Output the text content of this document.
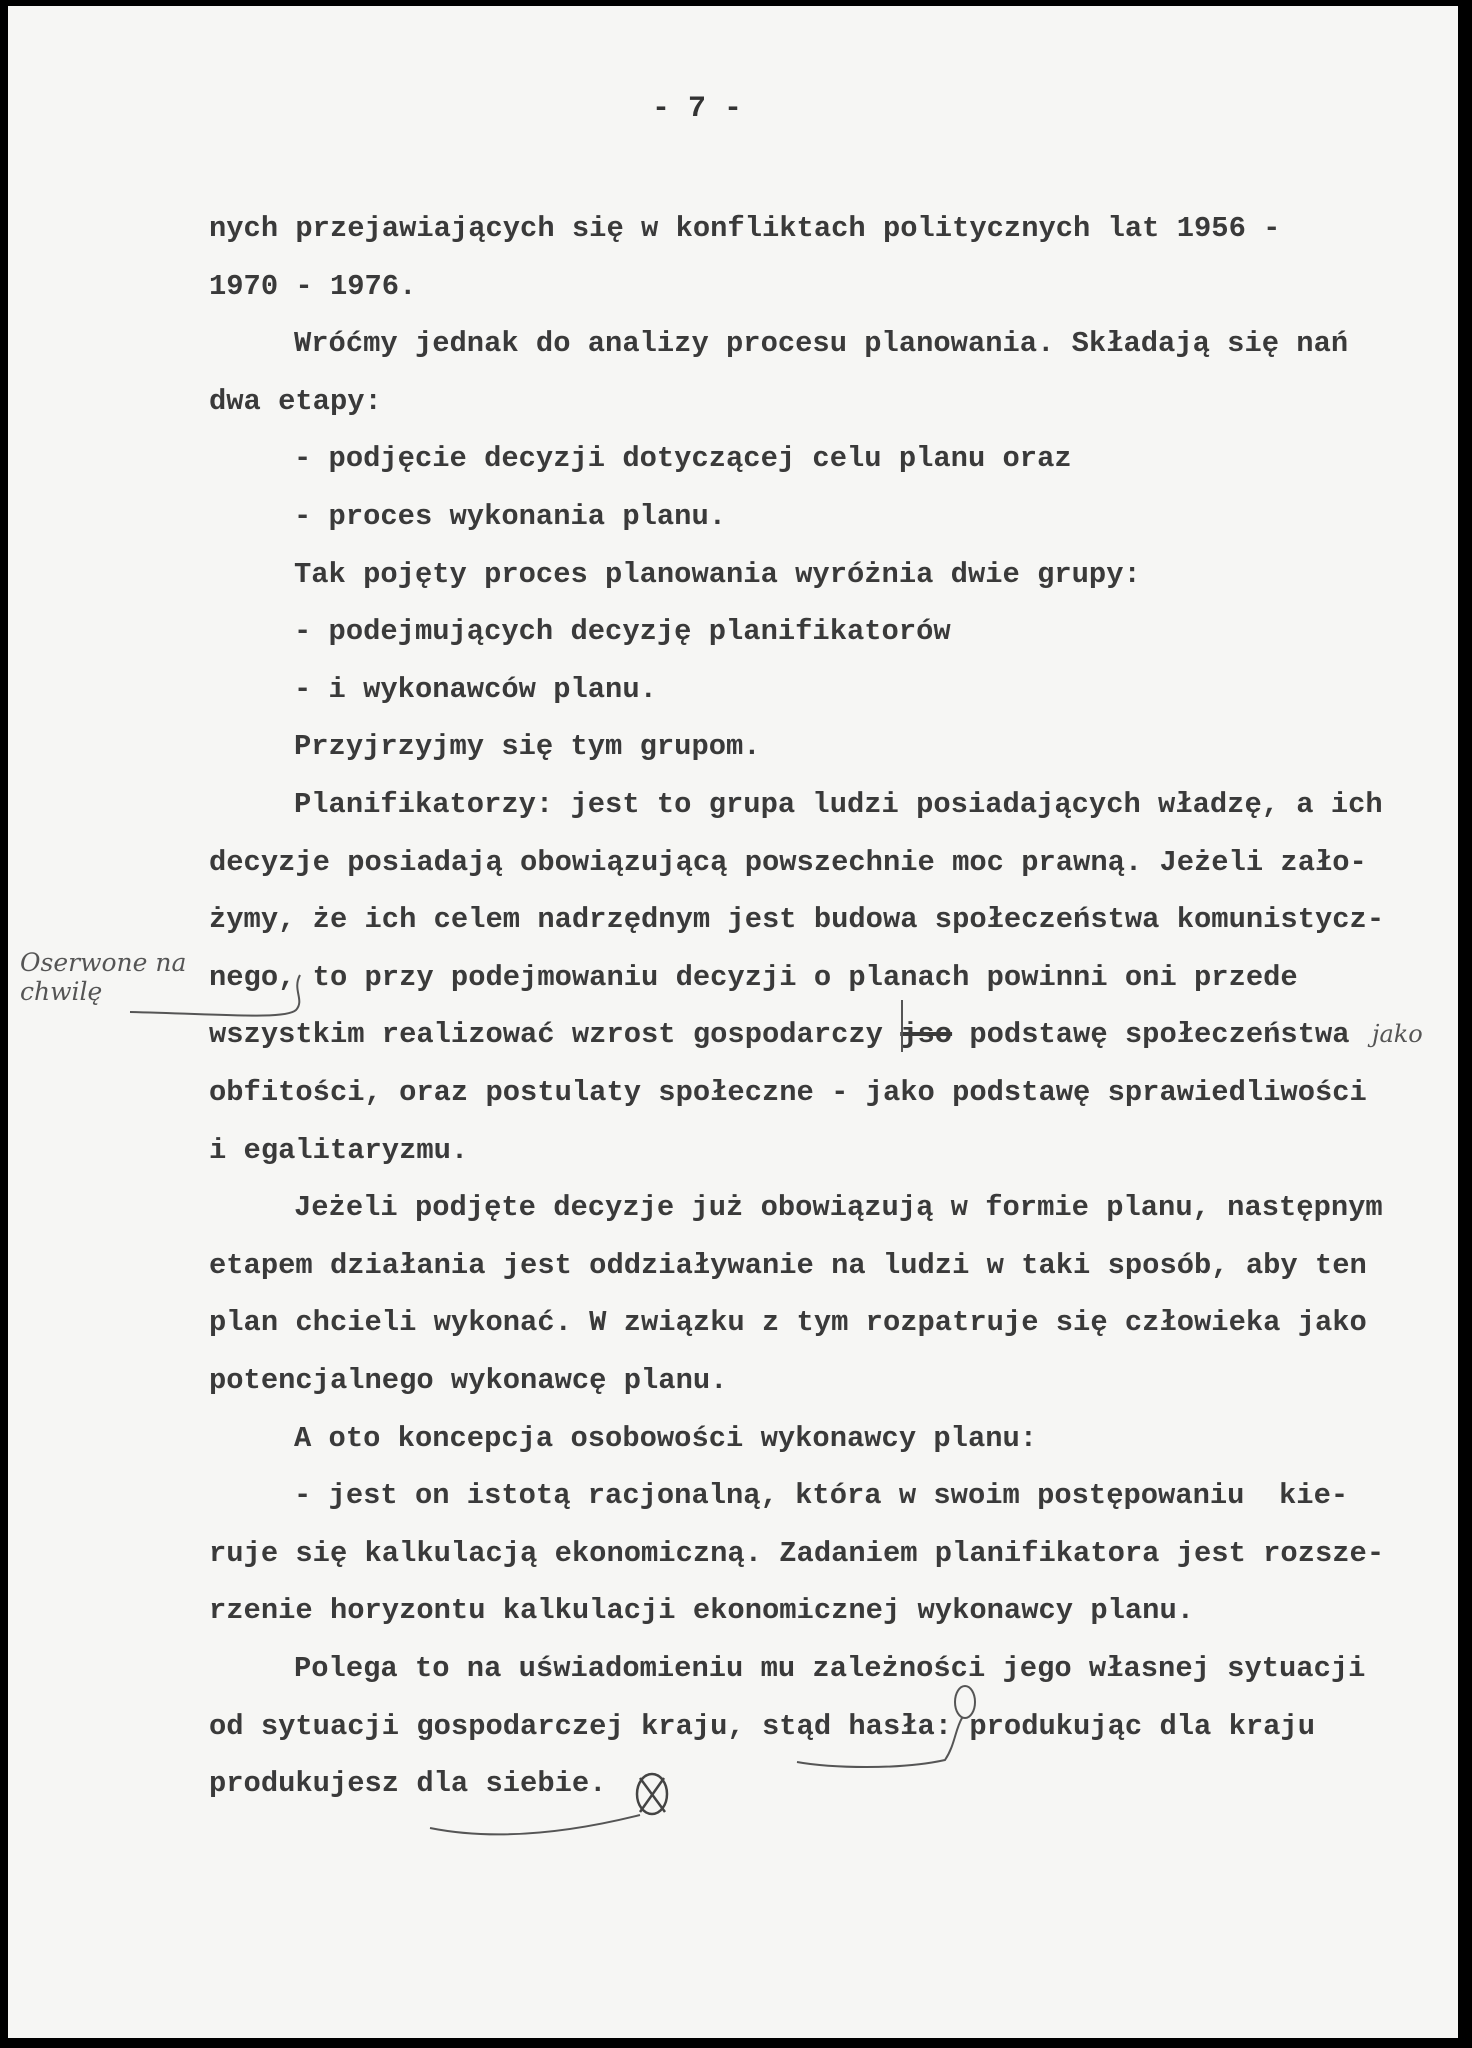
- 7 -
nych przejawiających się w konfliktach politycznych lat 1956 -
1970 - 1976.
Wróćmy jednak do analizy procesu planowania. Składają się nań
dwa etapy:
- podjęcie decyzji dotyczącej celu planu oraz
- proces wykonania planu.
Tak pojęty proces planowania wyróżnia dwie grupy:
- podejmujących decyzję planifikatorów
- i wykonawców planu.
Przyjrzyjmy się tym grupom.
Planifikatorzy: jest to grupa ludzi posiadających władzę, a ich
decyzje posiadają obowiązującą powszechnie moc prawną. Jeżeli zało-
żymy, że ich celem nadrzędnym jest budowa społeczeństwa komunistycz-
nego, to przy podejmowaniu decyzji o planach powinni oni przede
wszystkim realizować wzrost gospodarczy jso podstawę społeczeństwa
obfitości, oraz postulaty społeczne - jako podstawę sprawiedliwości
i egalitaryzmu.
Jeżeli podjęte decyzje już obowiązują w formie planu, następnym
etapem działania jest oddziaływanie na ludzi w taki sposób, aby ten
plan chcieli wykonać. W związku z tym rozpatruje się człowieka jako
potencjalnego wykonawcę planu.
A oto koncepcja osobowości wykonawcy planu:
- jest on istotą racjonalną, która w swoim postępowaniu  kie-
ruje się kalkulacją ekonomiczną. Zadaniem planifikatora jest rozsze-
rzenie horyzontu kalkulacji ekonomicznej wykonawcy planu.
Polega to na uświadomieniu mu zależności jego własnej sytuacji
od sytuacji gospodarczej kraju, stąd hasła: produkując dla kraju
produkujesz dla siebie.
Oserwone na chwilę
jako
